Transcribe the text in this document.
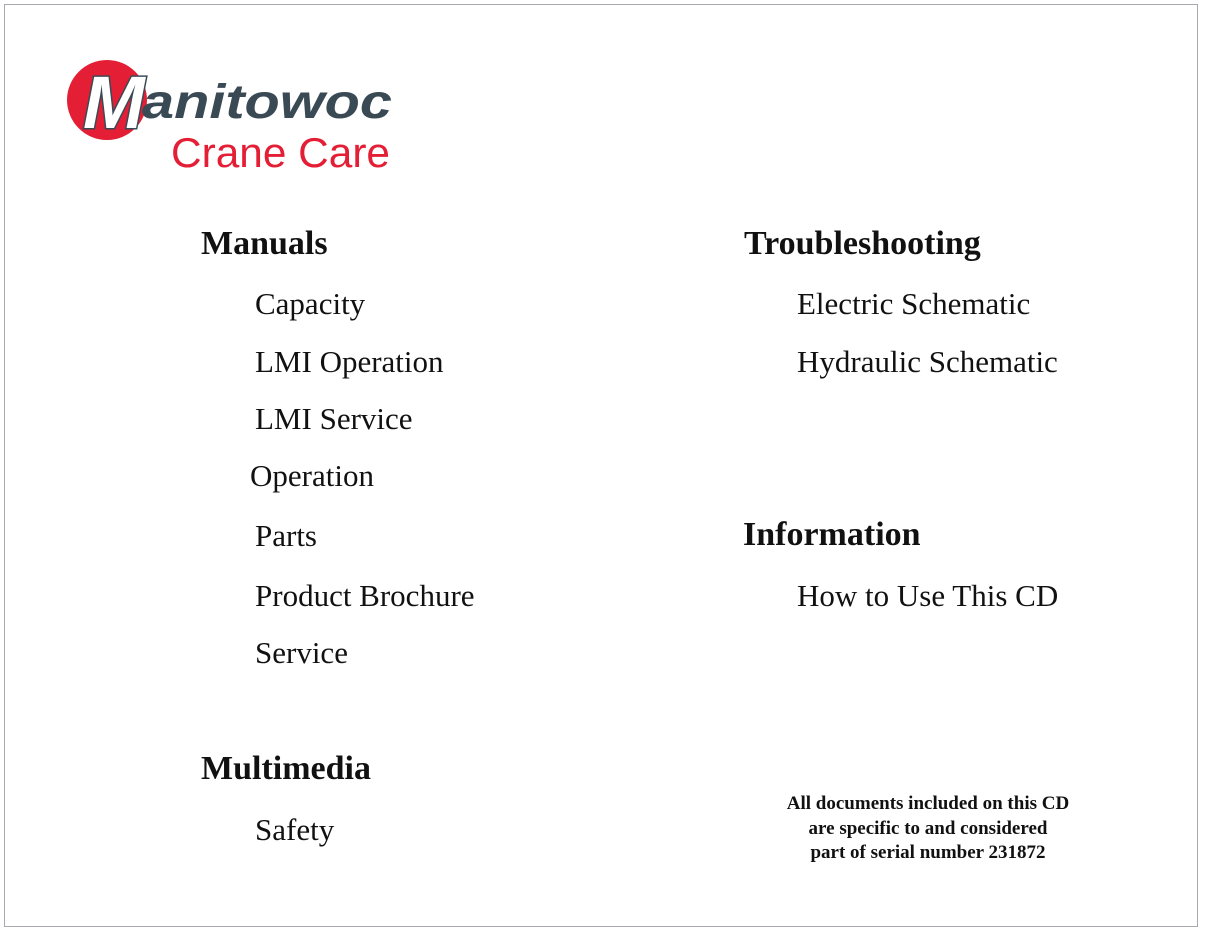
M
anitowoc
Crane Care
Manuals
Capacity
LMI Operation
LMI Service
Operation
Parts
Product Brochure
Service
Multimedia
Safety
Troubleshooting
Electric Schematic
Hydraulic Schematic
Information
How to Use This CD
All documents included on this CD
are specific to and considered
part of serial number 231872
